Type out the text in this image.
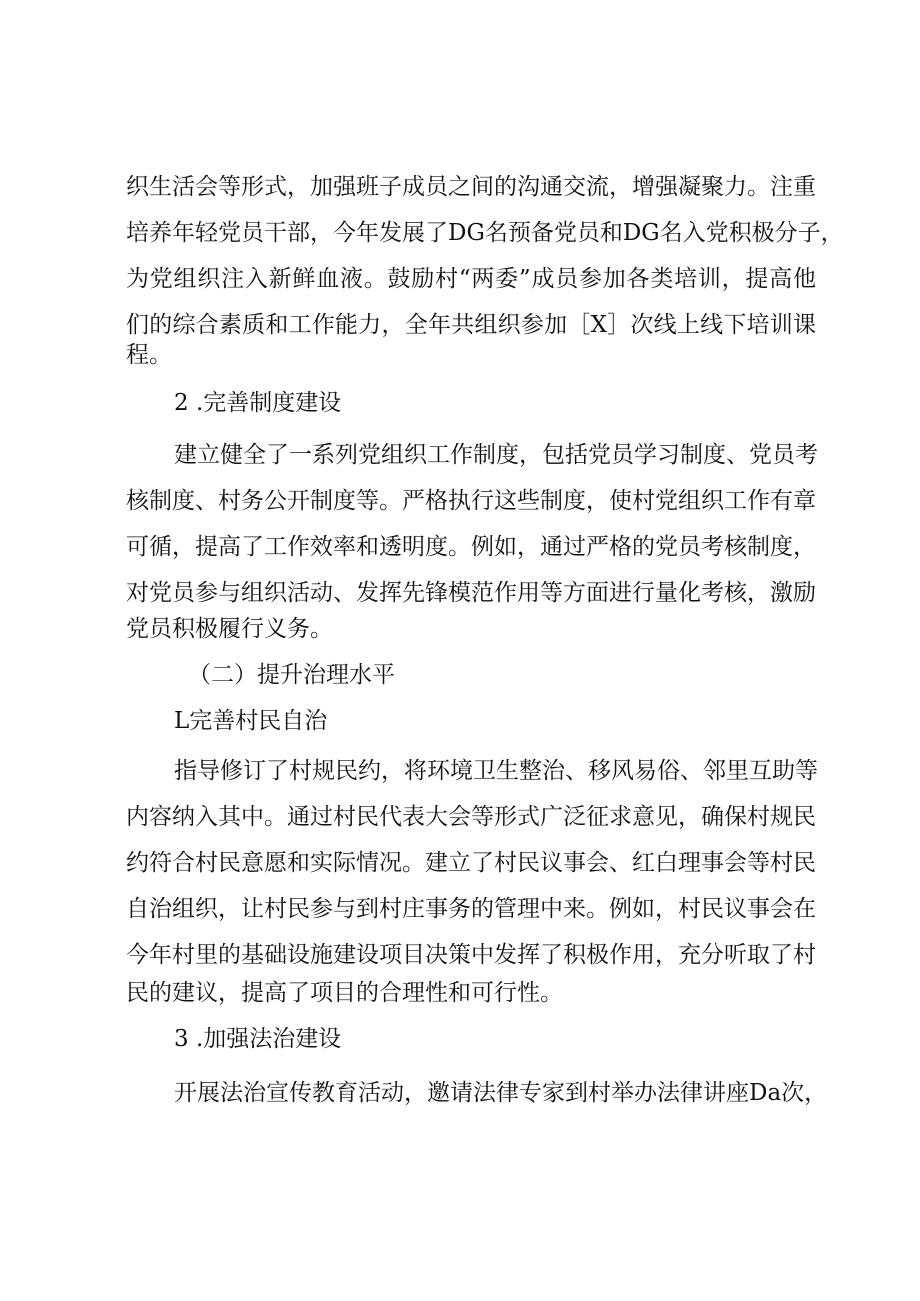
织生活会等形式，加强班子成员之间的沟通交流，增强凝聚力。注重
培养年轻党员干部，今年发展了DG名预备党员和DG名入党积极分子，
为党组织注入新鲜血液。鼓励村“两委”成员参加各类培训，提高他
们的综合素质和工作能力，全年共组织参加［X］次线上线下培训课
程。
2 .完善制度建设
建立健全了一系列党组织工作制度，包括党员学习制度、党员考
核制度、村务公开制度等。严格执行这些制度，使村党组织工作有章
可循，提高了工作效率和透明度。例如，通过严格的党员考核制度，
对党员参与组织活动、发挥先锋模范作用等方面进行量化考核，激励
党员积极履行义务。
（二）提升治理水平
L完善村民自治
指导修订了村规民约，将环境卫生整治、移风易俗、邻里互助等
内容纳入其中。通过村民代表大会等形式广泛征求意见，确保村规民
约符合村民意愿和实际情况。建立了村民议事会、红白理事会等村民
自治组织，让村民参与到村庄事务的管理中来。例如，村民议事会在
今年村里的基础设施建设项目决策中发挥了积极作用，充分听取了村
民的建议，提高了项目的合理性和可行性。
3 .加强法治建设
开展法治宣传教育活动，邀请法律专家到村举办法律讲座Da次，
